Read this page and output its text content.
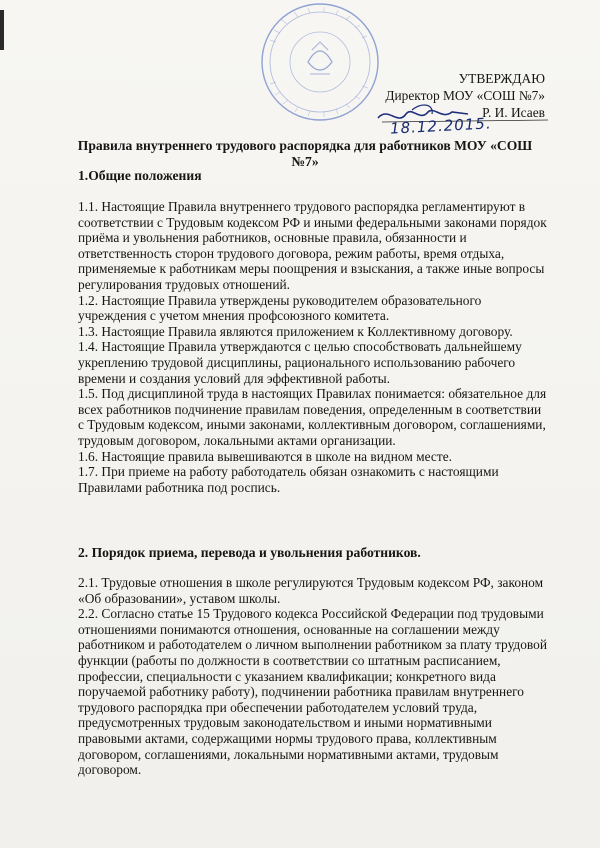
УТВЕРЖДАЮ
Директор МОУ «СОШ №7»
Р. И. Исаев
18.12.2015.
Правила внутреннего трудового распорядка для работников МОУ «СОШ №7»
1.Общие положения

1.1. Настоящие Правила внутреннего трудового распорядка регламентируют в соответствии с Трудовым кодексом РФ и иными федеральными законами порядок приёма и увольнения работников, основные правила, обязанности и ответственность сторон трудового договора, режим работы, время отдыха, применяемые к работникам меры поощрения и взыскания, а также иные вопросы регулирования трудовых отношений.

1.2. Настоящие Правила утверждены руководителем образовательного учреждения с учетом мнения профсоюзного комитета.

1.3. Настоящие Правила являются приложением к Коллективному договору.

1.4. Настоящие Правила утверждаются с целью способствовать дальнейшему укреплению трудовой дисциплины, рационального использованию рабочего времени и создания условий для эффективной работы.

1.5. Под дисциплиной труда в настоящих Правилах понимается: обязательное для всех работников подчинение правилам поведения, определенным в соответствии с Трудовым кодексом, иными законами, коллективным договором, соглашениями, трудовым договором, локальными актами организации.

1.6. Настоящие правила вывешиваются в школе на видном месте.

1.7. При приеме на работу работодатель обязан ознакомить с настоящими Правилами работника под роспись.

2. Порядок приема, перевода и увольнения работников.

2.1. Трудовые отношения в школе регулируются Трудовым кодексом РФ, законом «Об образовании», уставом школы.

2.2. Согласно статье 15 Трудового кодекса Российской Федерации под трудовыми отношениями понимаются отношения, основанные на соглашении между работником и работодателем о личном выполнении работником за плату трудовой функции (работы по должности в соответствии со штатным расписанием, профессии, специальности с указанием квалификации; конкретного вида поручаемой работнику работу), подчинении работника правилам внутреннего трудового распорядка при обеспечении работодателем условий труда, предусмотренных трудовым законодательством и иными нормативными правовыми актами, содержащими нормы трудового права, коллективным договором, соглашениями, локальными нормативными актами, трудовым договором.
